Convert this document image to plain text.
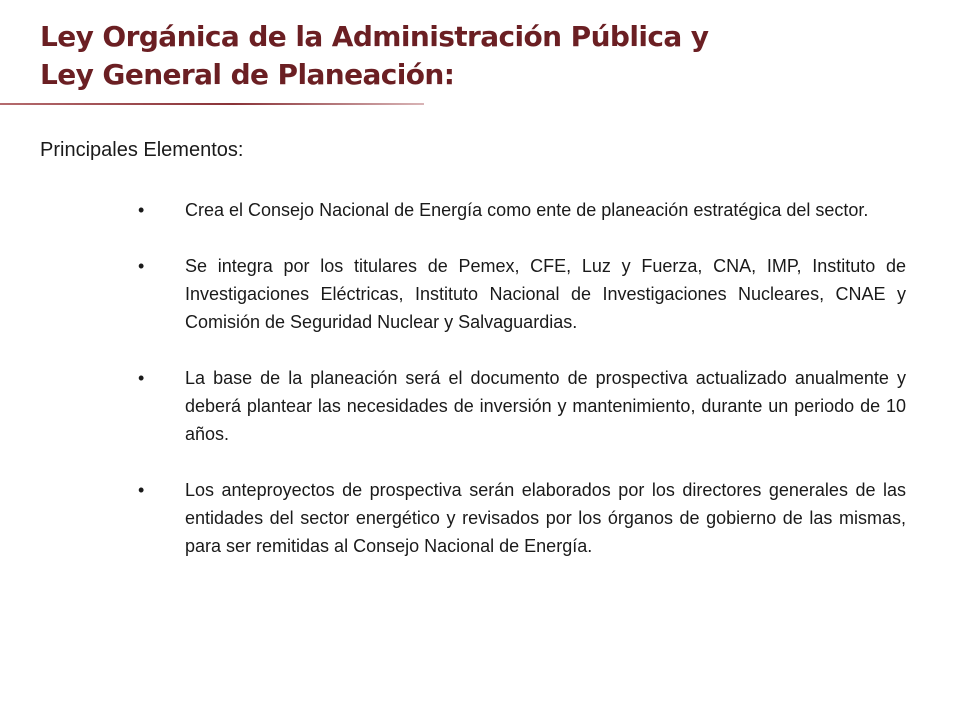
Ley Orgánica de la Administración Pública y
Ley General de Planeación:

Principales Elementos:

•	Crea el Consejo Nacional de Energía como ente de planeación estratégica del sector.
•	Se integra por los titulares de Pemex, CFE, Luz y Fuerza, CNA, IMP, Instituto de Investigaciones Eléctricas, Instituto Nacional de Investigaciones Nucleares, CNAE y Comisión de Seguridad Nuclear y Salvaguardias.
•	La base de la planeación será el documento de prospectiva actualizado anualmente y deberá plantear las necesidades de inversión y mantenimiento, durante un periodo de 10 años.
•	Los anteproyectos de prospectiva serán elaborados por los directores generales de las entidades del sector energético y revisados por los órganos de gobierno de las mismas, para ser remitidas al Consejo Nacional de Energía.
